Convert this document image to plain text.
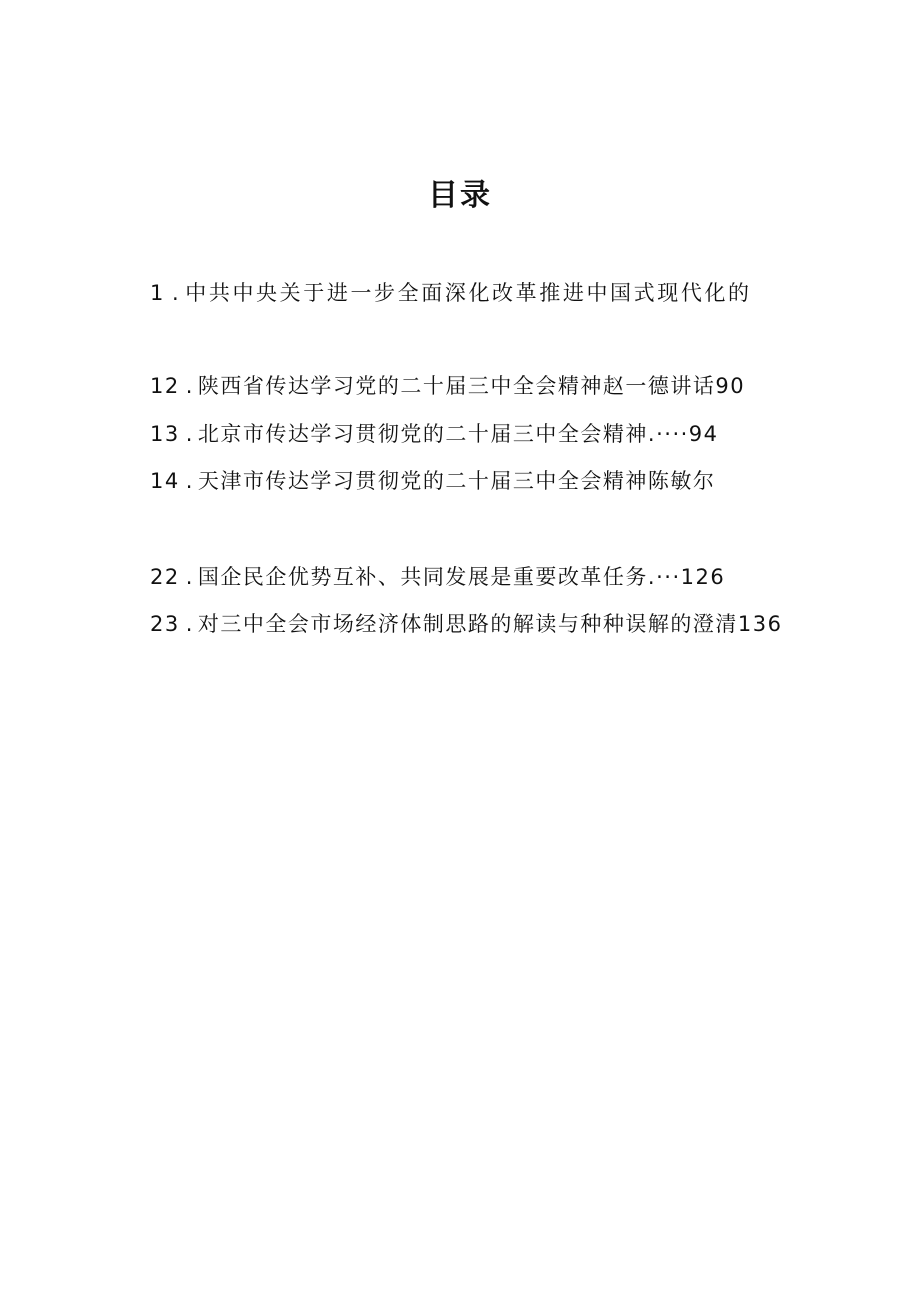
目录
1 . 中共中央关于进一步全面深化改革推进中国式现代化的
12 . 陕西省传达学习党的二十届三中全会精神赵一德讲话90
13 . 北京市传达学习贯彻党的二十届三中全会精神.····94
14 . 天津市传达学习贯彻党的二十届三中全会精神陈敏尔
22 . 国企民企优势互补、共同发展是重要改革任务.···126
23 . 对三中全会市场经济体制思路的解读与种种误解的澄清136
